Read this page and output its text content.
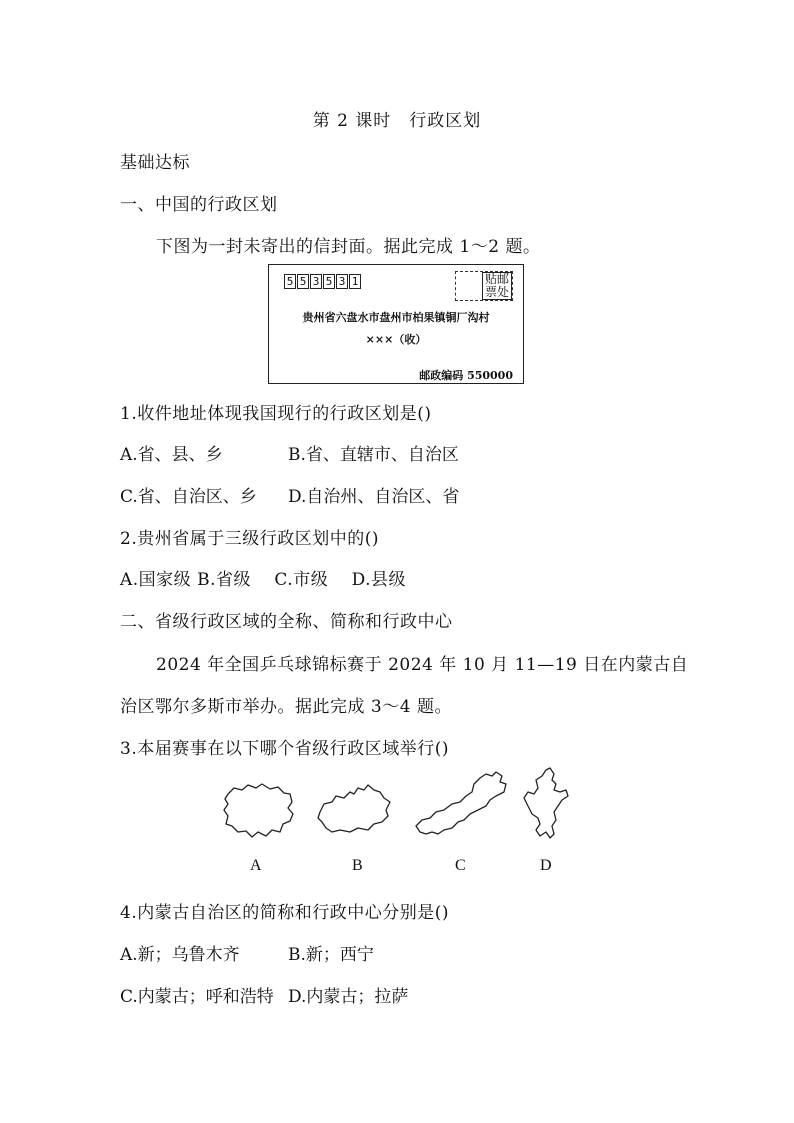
第 2 课时　行政区划
基础达标
一、中国的行政区划
下图为一封未寄出的信封面。据此完成 1～2 题。
5 5 3 5 3 1	贴邮票处
贵州省六盘水市盘州市柏果镇铜厂沟村
×××（收）
邮政编码 550000
1.收件地址体现我国现行的行政区划是()
A.省、县、乡	B.省、直辖市、自治区
C.省、自治区、乡 D.自治州、自治区、省
2.贵州省属于三级行政区划中的()
A.国家级 B.省级　 C.市级　 D.县级
二、省级行政区域的全称、简称和行政中心
2024 年全国乒乓球锦标赛于 2024 年 10 月 11—19 日在内蒙古自
治区鄂尔多斯市举办。据此完成 3～4 题。
3.本届赛事在以下哪个省级行政区域举行()
A	B	C	D
4.内蒙古自治区的简称和行政中心分别是()
A.新；乌鲁木齐	B.新；西宁
C.内蒙古；呼和浩特 D.内蒙古；拉萨
